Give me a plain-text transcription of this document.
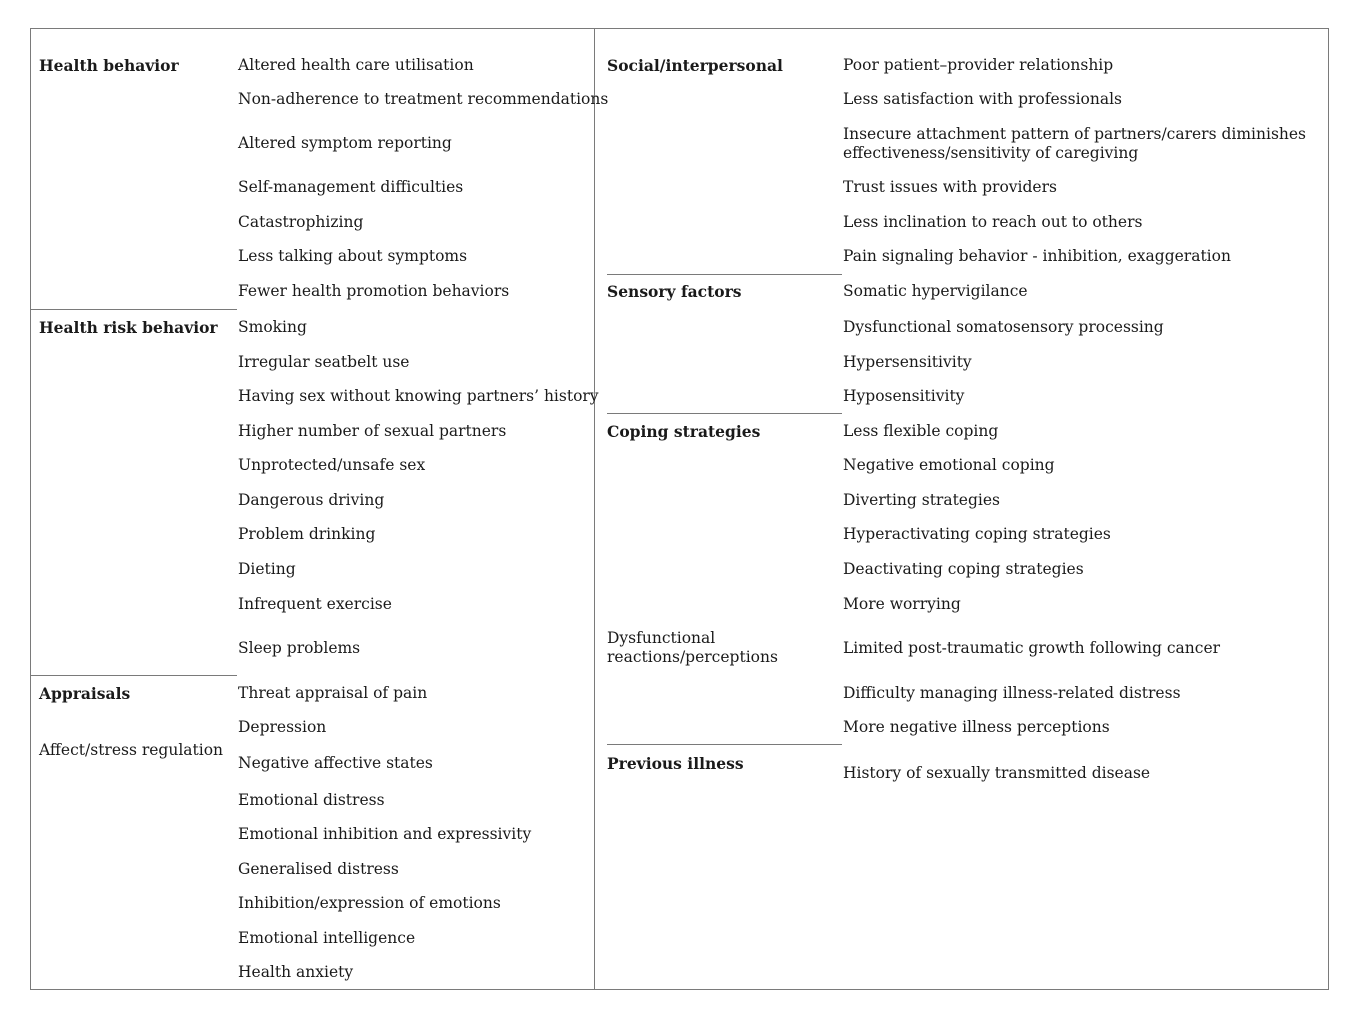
Health behavior
Health risk behavior
Appraisals
Affect/stress regulation
Altered health care utilisation
Non-adherence to treatment recommendations
Altered symptom reporting
Self-management difficulties
Catastrophizing
Less talking about symptoms
Fewer health promotion behaviors
Smoking
Irregular seatbelt use
Having sex without knowing partners’ history
Higher number of sexual partners
Unprotected/unsafe sex
Dangerous driving
Problem drinking
Dieting
Infrequent exercise
Sleep problems
Threat appraisal of pain
Depression
Negative affective states
Emotional distress
Emotional inhibition and expressivity
Generalised distress
Inhibition/expression of emotions
Emotional intelligence
Health anxiety
Social/interpersonal
Sensory factors
Coping strategies
Dysfunctional
reactions/perceptions
Previous illness
Poor patient–provider relationship
Less satisfaction with professionals
Insecure attachment pattern of partners/carers diminishes
effectiveness/sensitivity of caregiving
Trust issues with providers
Less inclination to reach out to others
Pain signaling behavior - inhibition, exaggeration
Somatic hypervigilance
Dysfunctional somatosensory processing
Hypersensitivity
Hyposensitivity
Less flexible coping
Negative emotional coping
Diverting strategies
Hyperactivating coping strategies
Deactivating coping strategies
More worrying
Limited post-traumatic growth following cancer
Difficulty managing illness-related distress
More negative illness perceptions
History of sexually transmitted disease
